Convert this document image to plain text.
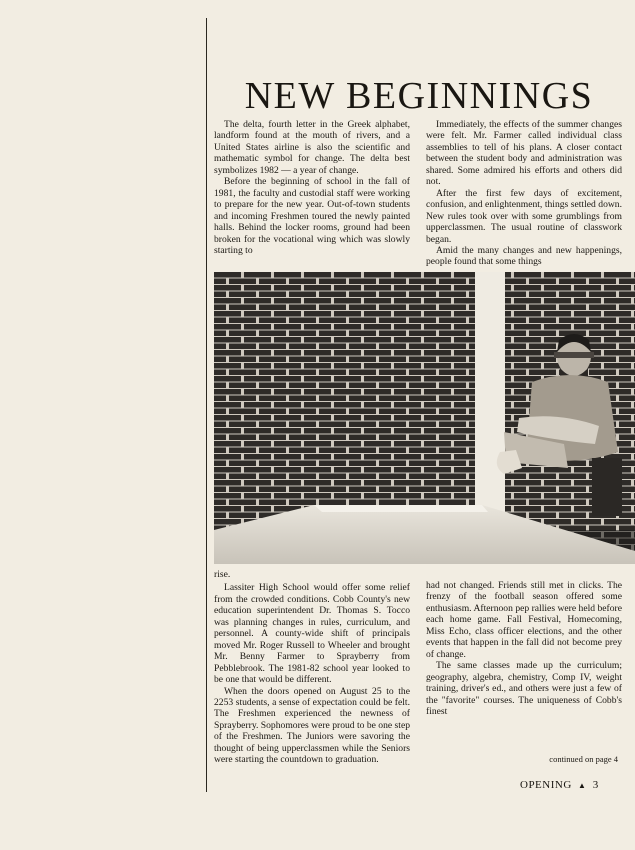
NEW BEGINNINGS

The delta, fourth letter in the Greek alphabet, landform found at the mouth of rivers, and a United States airline is also the scientific and mathematic symbol for change. The delta best symbolizes 1982 — a year of change.

Before the beginning of school in the fall of 1981, the faculty and custodial staff were working to prepare for the new year. Out-of-town students and incoming Freshmen toured the newly painted halls. Behind the locker rooms, ground had been broken for the vocational wing which was slowly starting to

Immediately, the effects of the summer changes were felt. Mr. Farmer called individual class assemblies to tell of his plans. A closer contact between the student body and administration was shared. Some admired his efforts and others did not.

After the first few days of excitement, confusion, and enlightenment, things settled down. New rules took over with some grumblings from upperclassmen. The usual routine of classwork began.

Amid the many changes and new happenings, people found that some things

rise.

Lassiter High School would offer some relief from the crowded conditions. Cobb County's new education superintendent Dr. Thomas S. Tocco was planning changes in rules, curriculum, and personnel. A county-wide shift of principals moved Mr. Roger Russell to Wheeler and brought Mr. Benny Farmer to Sprayberry from Pebblebrook. The 1981-82 school year looked to be one that would be different.

When the doors opened on August 25 to the 2253 students, a sense of expectation could be felt. The Freshmen experienced the newness of Sprayberry. Sophomores were proud to be one step of the Freshmen. The Juniors were savoring the thought of being upperclassmen while the Seniors were starting the countdown to graduation.

had not changed. Friends still met in clicks. The frenzy of the football season offered some enthusiasm. Afternoon pep rallies were held before each home game. Fall Festival, Homecoming, Miss Echo, class officer elections, and the other events that happen in the fall did not become prey of change.

The same classes made up the curriculum; geography, algebra, chemistry, Comp IV, weight training, driver's ed., and others were just a few of the "favorite" courses. The uniqueness of Cobb's finest

continued on page 4
OPENING ▲ 3
